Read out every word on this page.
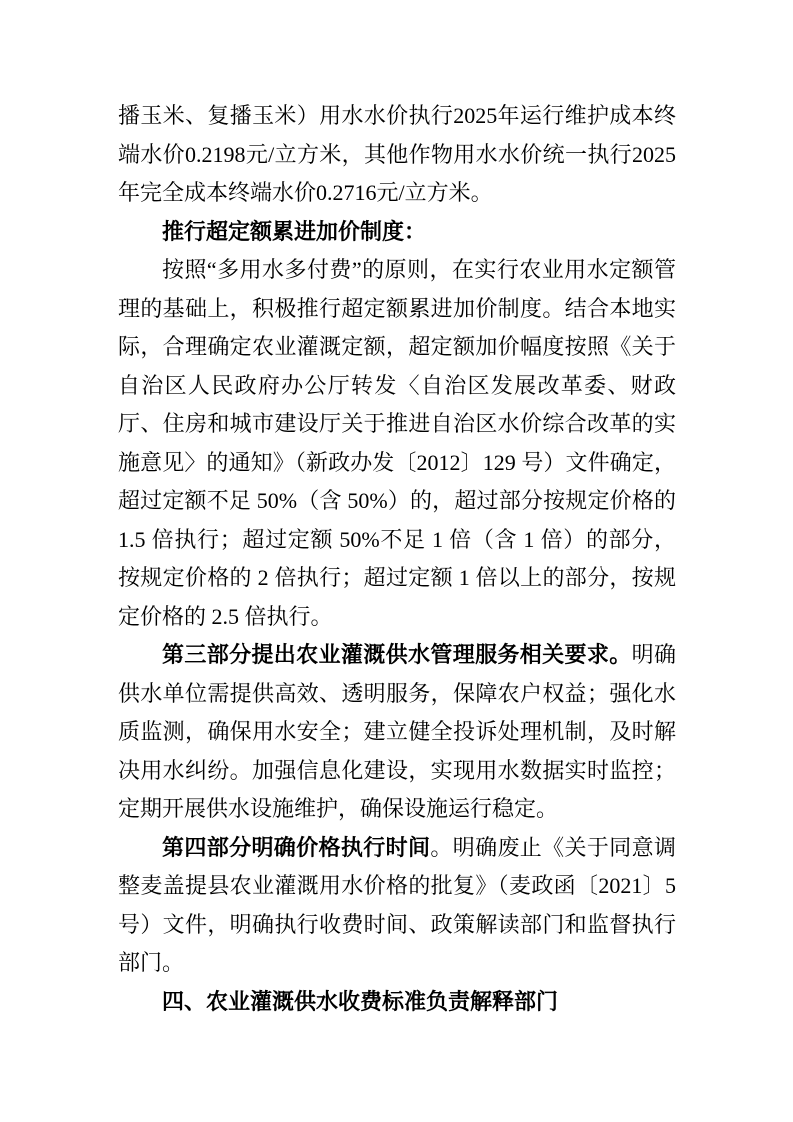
播玉米、复播玉米）用水水价执行2025年运行维护成本终端水价0.2198元/立方米，其他作物用水水价统一执行2025年完全成本终端水价0.2716元/立方米。

推行超定额累进加价制度：

按照“多用水多付费”的原则，在实行农业用水定额管理的基础上，积极推行超定额累进加价制度。结合本地实际，合理确定农业灌溉定额，超定额加价幅度按照《关于自治区人民政府办公厅转发〈自治区发展改革委、财政厅、住房和城市建设厅关于推进自治区水价综合改革的实施意见〉的通知》（新政办发〔2012〕129 号）文件确定，超过定额不足 50%（含 50%）的，超过部分按规定价格的 1.5 倍执行；超过定额 50%不足 1 倍（含 1 倍）的部分，按规定价格的 2 倍执行；超过定额 1 倍以上的部分，按规定价格的 2.5 倍执行。

第三部分提出农业灌溉供水管理服务相关要求。明确供水单位需提供高效、透明服务，保障农户权益；强化水质监测，确保用水安全；建立健全投诉处理机制，及时解决用水纠纷。加强信息化建设，实现用水数据实时监控；定期开展供水设施维护，确保设施运行稳定。

第四部分明确价格执行时间。明确废止《关于同意调整麦盖提县农业灌溉用水价格的批复》（麦政函〔2021〕5 号）文件，明确执行收费时间、政策解读部门和监督执行部门。

四、农业灌溉供水收费标准负责解释部门
